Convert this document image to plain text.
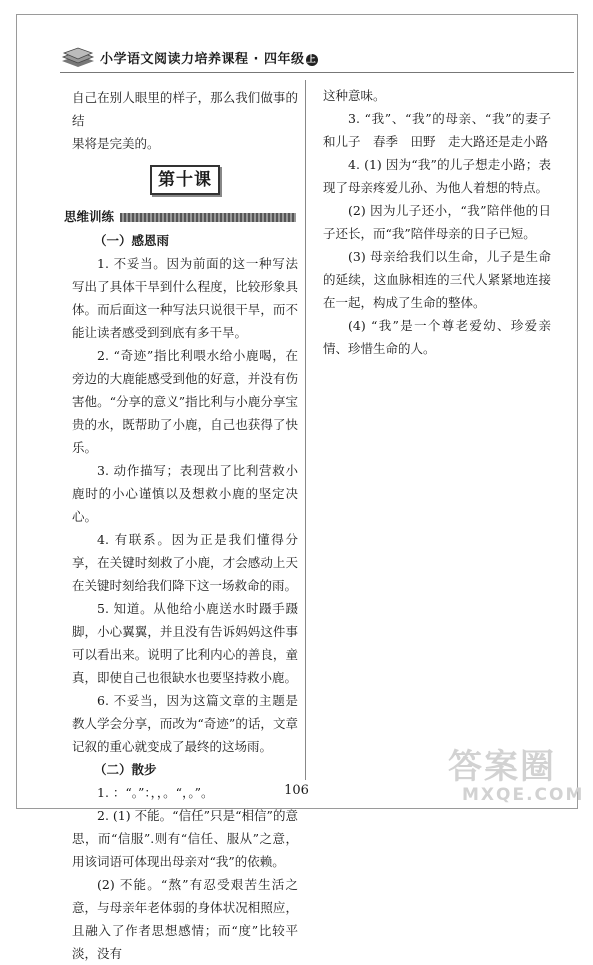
小学语文阅读力培养课程 · 四年级 上

自己在别人眼里的样子，那么我们做事的结

果将是完美的。

第十课
思维训练

（一）感恩雨

1. 不妥当。因为前面的这一种写法写出了具体干旱到什么程度，比较形象具体。而后面这一种写法只说很干旱，而不能让读者感受到到底有多干旱。

2. “奇迹”指比利喂水给小鹿喝，在旁边的大鹿能感受到他的好意，并没有伤害他。“分享的意义”指比利与小鹿分享宝贵的水，既帮助了小鹿，自己也获得了快乐。

3. 动作描写；表现出了比利营救小鹿时的小心谨慎以及想救小鹿的坚定决心。

4. 有联系。因为正是我们懂得分享，在关键时刻救了小鹿，才会感动上天在关键时刻给我们降下这一场救命的雨。

5. 知道。从他给小鹿送水时蹑手蹑脚，小心翼翼，并且没有告诉妈妈这件事可以看出来。说明了比利内心的善良，童真，即使自己也很缺水也要坚持救小鹿。

6. 不妥当，因为这篇文章的主题是教人学会分享，而改为“奇迹”的话，文章记叙的重心就变成了最终的这场雨。

（二）散步

1. ：“。”：，，。“，。”。

2. (1) 不能。“信任”只是“相信”的意思，而“信服”.则有“信任、服从”之意，用该词语可体现出母亲对“我”的依赖。

(2) 不能。“熬”有忍受艰苦生活之意，与母亲年老体弱的身体状况相照应，且融入了作者思想感情；而“度”比较平淡，没有

这种意味。

3. “我”、“我”的母亲、“我”的妻子和儿子　春季　田野　走大路还是走小路

4. (1) 因为“我”的儿子想走小路；表现了母亲疼爱儿孙、为他人着想的特点。

(2) 因为儿子还小，“我”陪伴他的日子还长，而“我”陪伴母亲的日子已短。

(3) 母亲给我们以生命，儿子是生命的延续，这血脉相连的三代人紧紧地连接在一起，构成了生命的整体。

(4) “我”是一个尊老爱幼、珍爱亲情、珍惜生命的人。

106
答案圈
MXQE.COM
